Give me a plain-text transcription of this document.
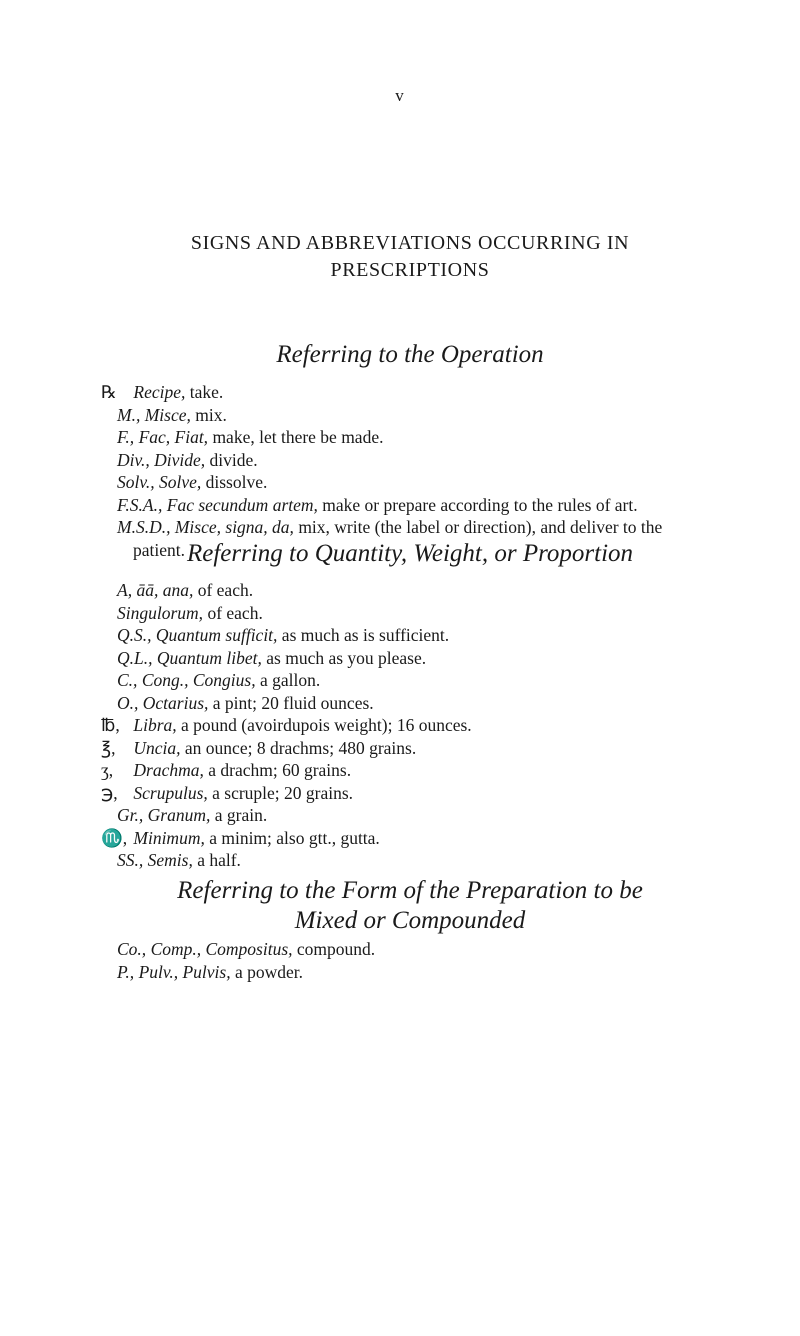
v
SIGNS AND ABBREVIATIONS OCCURRING IN
PRESCRIPTIONS
Referring to the Operation

℞ Recipe, take.

M., Misce, mix.

F., Fac, Fiat, make, let there be made.

Div., Divide, divide.

Solv., Solve, dissolve.

F.S.A., Fac secundum artem, make or prepare according to the rules of art.

M.S.D., Misce, signa, da, mix, write (the label or direction), and deliver to the patient. Referring to Quantity, Weight, or Proportion

A, āā, ana, of each.

Singulorum, of each.

Q.S., Quantum sufficit, as much as is sufficient.

Q.L., Quantum libet, as much as you please.

C., Cong., Congius, a gallon.

O., Octarius, a pint; 20 fluid ounces.

℔, Libra, a pound (avoirdupois weight); 16 ounces.

℥, Uncia, an ounce; 8 drachms; 480 grains.

ʒ, Drachma, a drachm; 60 grains.

℈, Scrupulus, a scruple; 20 grains.

Gr., Granum, a grain.

♏, Minimum, a minim; also gtt., gutta.

SS., Semis, a half.

Referring to the Form of the Preparation to be
Mixed or Compounded

Co., Comp., Compositus, compound.

P., Pulv., Pulvis, a powder.
